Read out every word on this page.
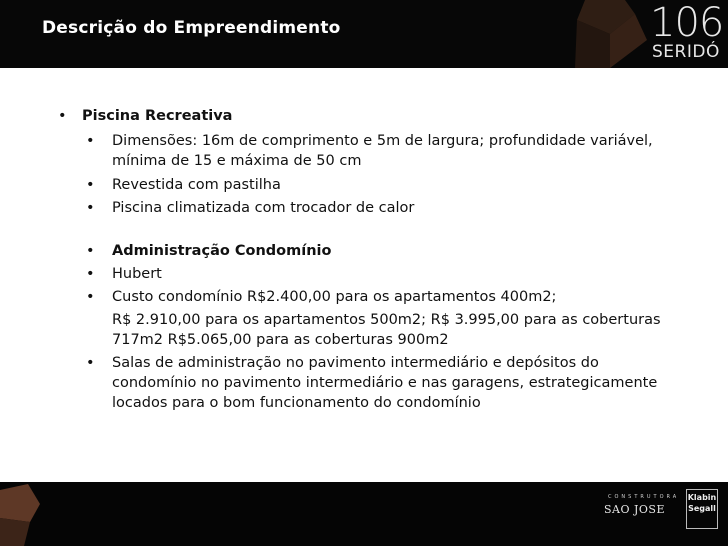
Descrição do Empreendimento	106
SERIDÓ
• Piscina Recreativa
• Dimensões: 16m de comprimento e 5m de largura; profundidade variável, mínima de 15 e máxima de 50 cm
• Revestida com pastilha
• Piscina climatizada com trocador de calor
• Administração Condomínio
• Hubert
• Custo condomínio R$2.400,00 para os apartamentos 400m2;
R$ 2.910,00 para os apartamentos 500m2; R$ 3.995,00 para as coberturas 717m2 R$5.065,00 para as coberturas 900m2
• Salas de administração no pavimento intermediário e depósitos do condomínio no pavimento intermediário e nas garagens, estrategicamente locados para o bom funcionamento do condomínio
CONSTRUTORA
SAO JOSE
Klabin Segall
